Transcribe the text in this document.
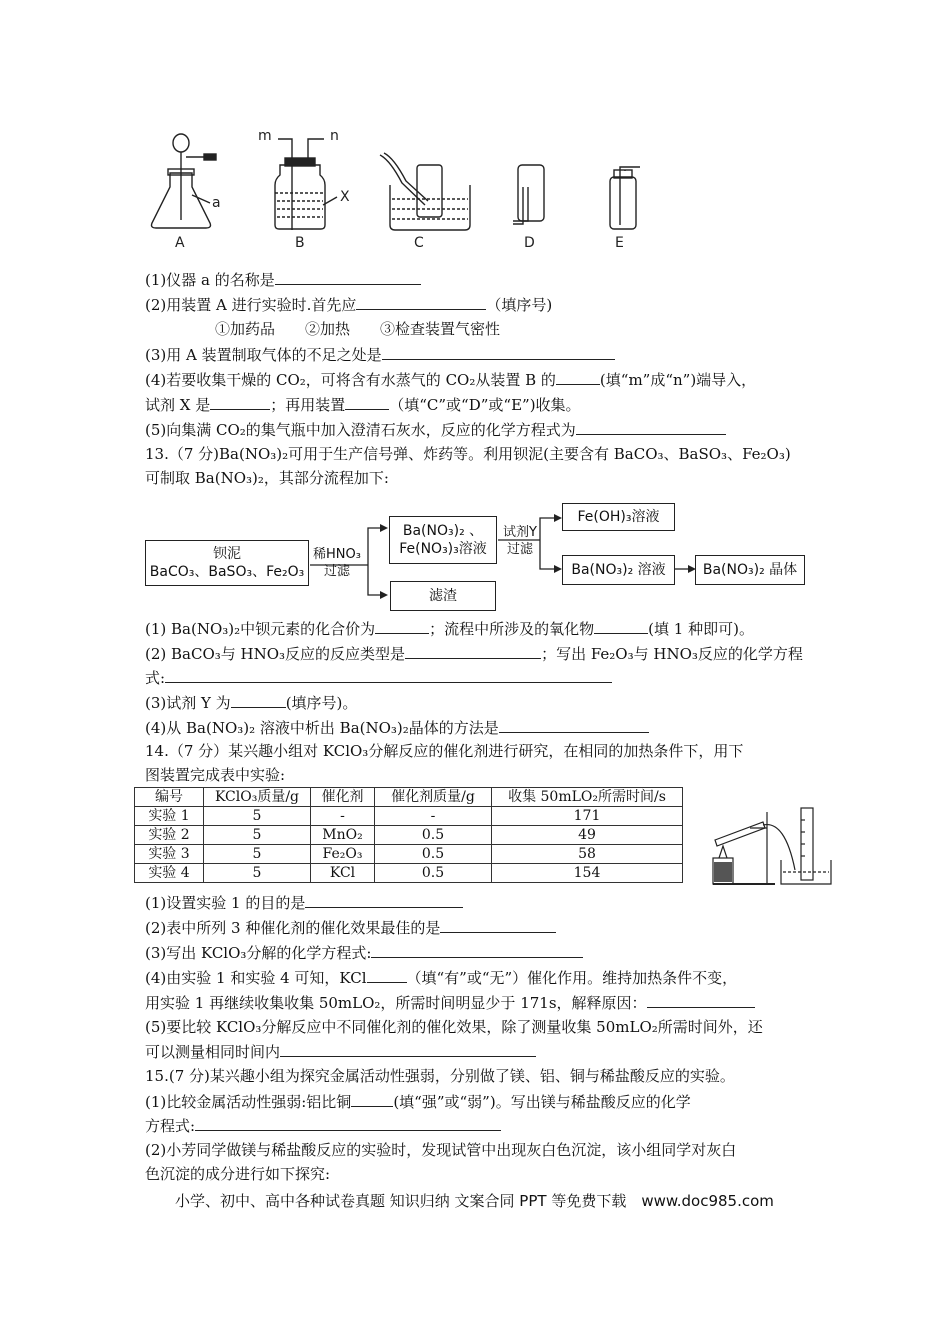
A
a
B
m	n
X
C	D	E
(1)仪器 a 的名称是
(2)用装置 A 进行实验时.首先应	（填序号)
①加药品　　②加热　　③检查装置气密性
(3)用 A 装置制取气体的不足之处是
(4)若要收集干燥的 CO₂，可将含有水蒸气的 CO₂从装置 B 的	(填“m”成“n”)端导入，
试剂 X 是	；再用装置	（填“C”或“D”或“E”)收集。
(5)向集满 CO₂的集气瓶中加入澄清石灰水，反应的化学方程式为
13.（7 分)Ba(NO₃)₂可用于生产信号弹、炸药等。利用钡泥(主要含有 BaCO₃、BaSO₃、Fe₂O₃)
可制取 Ba(NO₃)₂，其部分流程加下:
钡泥
BaCO₃、BaSO₃、Fe₂O₃
稀HNO₃
过滤
Ba(NO₃)₂ 、
Fe(NO₃)₃溶液
滤渣
试剂Y
过滤
Fe(OH)₃溶液
Ba(NO₃)₂ 溶液	Ba(NO₃)₂ 晶体
(1) Ba(NO₃)₂中钡元素的化合价为	；流程中所涉及的氧化物	(填 1 种即可)。
(2) BaCO₃与 HNO₃反应的反应类型是	；写出 Fe₂O₃与 HNO₃反应的化学方程
式:
(3)试剂 Y 为	(填序号)。
(4)从 Ba(NO₃)₂ 溶液中析出 Ba(NO₃)₂晶体的方法是
14.（7 分）某兴趣小组对 KClO₃分解反应的催化剂进行研究，在相同的加热条件下，用下
图装置完成表中实验:
编号	KClO₃质量/g	催化剂	催化剂质量/g	收集 50mLO₂所需时间/s
实验 1	5	-	-	171
实验 2	5	MnO₂	0.5	49
实验 3	5	Fe₂O₃	0.5	58
实验 4	5	KCl	0.5	154
(1)设置实验 1 的目的是
(2)表中所列 3 种催化剂的催化效果最佳的是
(3)写出 KClO₃分解的化学方程式:
(4)由实验 1 和实验 4 可知，KCl	（填“有”或“无”）催化作用。维持加热条件不变，
用实验 1 再继续收集收集 50mLO₂，所需时间明显少于 171s，解释原因：
(5)要比较 KClO₃分解反应中不同催化剂的催化效果，除了测量收集 50mLO₂所需时间外，还
可以测量相同时间内
15.(7 分)某兴趣小组为探究金属活动性强弱，分别做了镁、铝、铜与稀盐酸反应的实验。
(1)比较金属活动性强弱:铝比铜	(填“强”或“弱”)。写出镁与稀盐酸反应的化学
方程式:
(2)小芳同学做镁与稀盐酸反应的实验时，发现试管中出现灰白色沉淀，该小组同学对灰白
色沉淀的成分进行如下探究:
小学、初中、高中各种试卷真题 知识归纳 文案合同 PPT 等免费下载　www.doc985.com
